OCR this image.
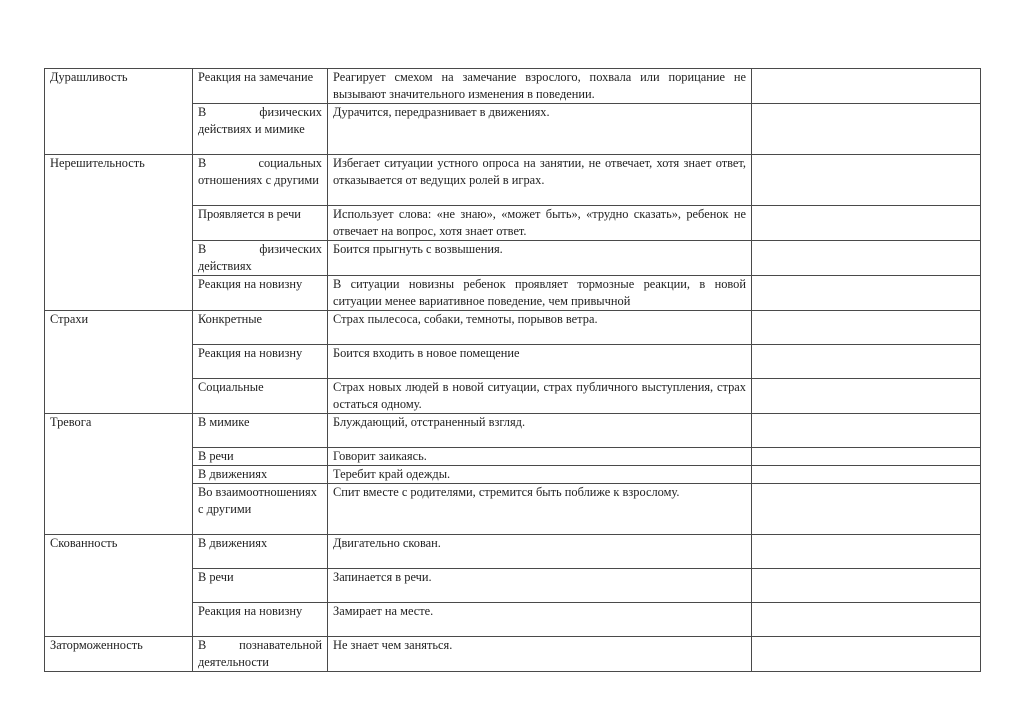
Дурашливость	Реакция на замечание	Реагирует смехом на замечание взрослого, похвала или порицание не вызывают значительного изменения в поведении.	
	В физических действиях и мимике	Дурачится, передразнивает в движениях.	
Нерешительность	В социальных отношениях с другими	Избегает ситуации устного опроса на занятии, не отвечает, хотя знает ответ, отказывается от ведущих ролей в играх.	
	Проявляется в речи	Использует слова: «не знаю», «может быть», «трудно сказать», ребенок не отвечает на вопрос, хотя знает ответ.	
	В физических действиях	Боится прыгнуть с возвышения.	
	Реакция на новизну	В ситуации новизны ребенок проявляет тормозные реакции, в новой ситуации менее вариативное поведение, чем привычной	
Страхи	Конкретные	Страх пылесоса, собаки, темноты, порывов ветра.	
	Реакция на новизну	Боится входить в новое помещение	
	Социальные	Страх новых людей в новой ситуации, страх публичного выступления, страх остаться одному.	
Тревога	В мимике	Блуждающий, отстраненный взгляд.	
	В речи	Говорит заикаясь.	
	В движениях	Теребит край одежды.	
	Во взаимоотношениях с другими	Спит вместе с родителями, стремится быть поближе к взрослому.	
Скованность	В движениях	Двигательно скован.	
	В речи	Запинается в речи.	
	Реакция на новизну	Замирает на месте.	
Заторможенность	В познавательной деятельности	Не знает чем заняться.	
